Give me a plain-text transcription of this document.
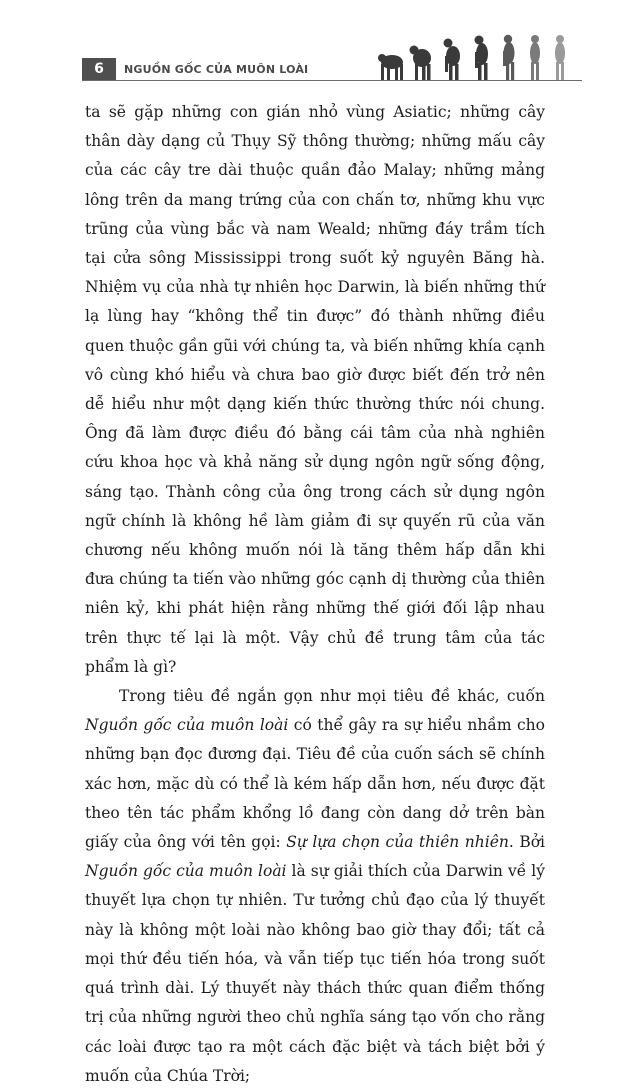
6	NGUỒN GỐC CỦA MUÔN LOÀI

ta sẽ gặp những con gián nhỏ vùng Asiatic; những cây thân dày dạng củ Thụy Sỹ thông thường; những mấu cây của các cây tre dài thuộc quần đảo Malay; những mảng lông trên da mang trứng của con chấn tơ, những khu vực trũng của vùng bắc và nam Weald; những đáy trầm tích tại cửa sông Mississippi trong suốt kỷ nguyên Băng hà. Nhiệm vụ của nhà tự nhiên học Darwin, là biến những thứ lạ lùng hay “không thể tin được” đó thành những điều quen thuộc gần gũi với chúng ta, và biến những khía cạnh vô cùng khó hiểu và chưa bao giờ được biết đến trở nên dễ hiểu như một dạng kiến thức thường thức nói chung. Ông đã làm được điều đó bằng cái tâm của nhà nghiên cứu khoa học và khả năng sử dụng ngôn ngữ sống động, sáng tạo. Thành công của ông trong cách sử dụng ngôn ngữ chính là không hề làm giảm đi sự quyến rũ của văn chương nếu không muốn nói là tăng thêm hấp dẫn khi đưa chúng ta tiến vào những góc cạnh dị thường của thiên niên kỷ, khi phát hiện rằng những thế giới đối lập nhau trên thực tế lại là một. Vậy chủ đề trung tâm của tác phẩm là gì?

Trong tiêu đề ngắn gọn như mọi tiêu đề khác, cuốn Nguồn gốc của muôn loài có thể gây ra sự hiểu nhầm cho những bạn đọc đương đại. Tiêu đề của cuốn sách sẽ chính xác hơn, mặc dù có thể là kém hấp dẫn hơn, nếu được đặt theo tên tác phẩm khổng lồ đang còn dang dở trên bàn giấy của ông với tên gọi: Sự lựa chọn của thiên nhiên. Bởi Nguồn gốc của muôn loài là sự giải thích của Darwin về lý thuyết lựa chọn tự nhiên. Tư tưởng chủ đạo của lý thuyết này là không một loài nào không bao giờ thay đổi; tất cả mọi thứ đều tiến hóa, và vẫn tiếp tục tiến hóa trong suốt quá trình dài. Lý thuyết này thách thức quan điểm thống trị của những người theo chủ nghĩa sáng tạo vốn cho rằng các loài được tạo ra một cách đặc biệt và tách biệt bởi ý muốn của Chúa Trời;
